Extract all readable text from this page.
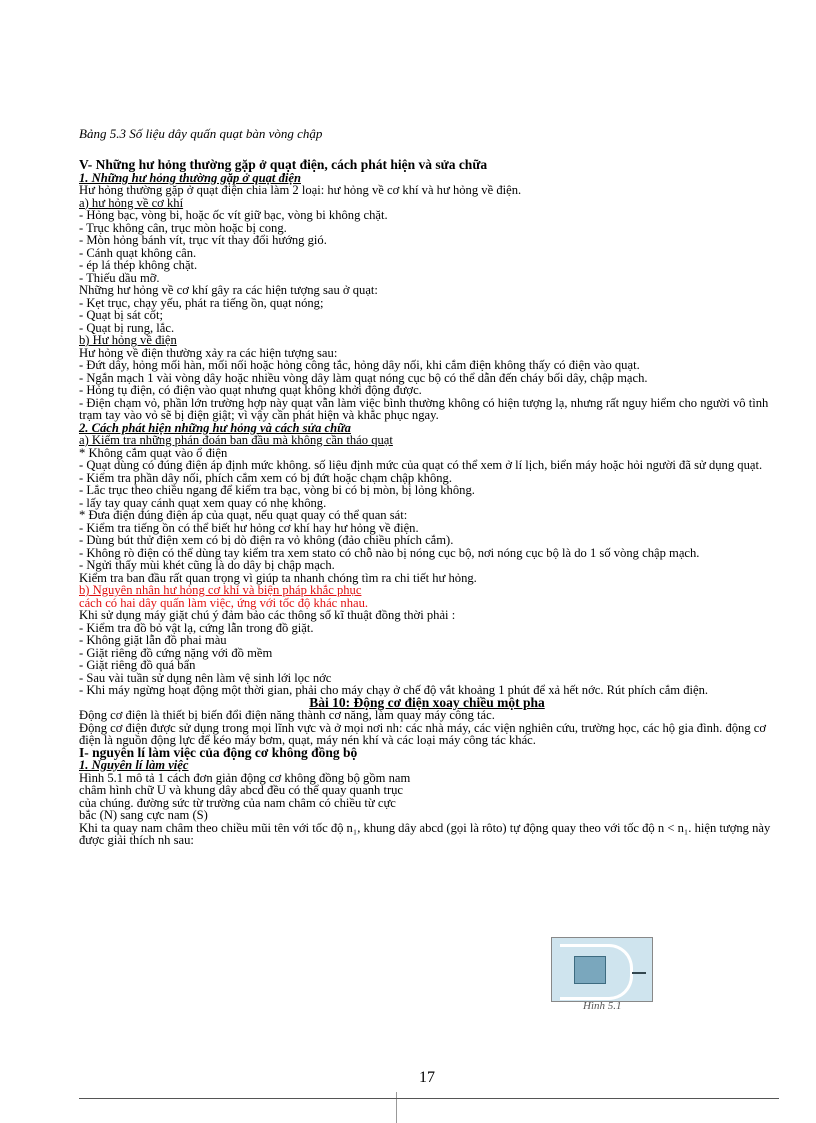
Bảng 5.3 Số liệu dây quấn quạt bàn vòng chập
V- Những hư hỏng thường gặp ở quạt điện, cách phát hiện và sửa chữa
1. Những hư hỏng thường gặp ở quạt điện
Hư hỏng thường gặp ở quạt điện chia làm 2 loại: hư hỏng về cơ khí và hư hỏng về điện.
a) hư hỏng về cơ khí
- Hỏng bạc, vòng bi, hoặc ốc vít giữ bạc, vòng bi không chặt.
- Trục không cân, trục mòn hoặc bị cong.
- Mòn hỏng bánh vít, trục vít thay đổi hướng gió.
- Cánh quạt không cân.
- ép lá thép không chặt.
- Thiếu dầu mỡ.
Những hư hỏng về cơ khí gây ra các hiện tượng sau ở quạt:
- Kẹt trục, chạy yếu, phát ra tiếng ồn, quạt nóng;
- Quạt bị sát cốt;
- Quạt bị rung, lắc.
b) Hư hỏng về điện
Hư hỏng về điện thường xảy ra các hiện tượng sau:
- Đứt dây, hỏng mối hàn, mối nối hoặc hỏng công tắc, hỏng dây nối, khi cắm điện không thấy có điện vào quạt.
- Ngắn mạch 1 vài vòng dây hoặc nhiều vòng dây làm quạt nóng cục bộ có thể dẫn đến cháy bối dây, chập mạch.
- Hỏng tụ điện, có điện vào quạt nhưng quạt không khởi động được.
- Điện chạm vỏ, phần lớn trường hợp này quạt vẫn làm việc bình thường không có hiện tượng lạ, nhưng rất nguy hiểm cho người vô tình trạm tay vào vỏ sẽ bị điện giật; vì vậy cần phát hiện và khắc phục ngay.
2. Cách phát hiện những hư hỏng và cách sửa chữa
a) Kiểm tra những phán đoán ban đầu mà không cần tháo quạt
* Không cắm quạt vào ổ điện
- Quạt dùng có đúng điện áp định mức không. số liệu định mức của quạt có thể xem ở lí lịch, biển máy hoặc hỏi người đã sử dụng quạt.
- Kiểm tra phần dây nối, phích cắm xem có bị đứt hoặc chạm chập không.
- Lắc trục theo chiều ngang để kiểm tra bạc, vòng bi có bị mòn, bị lỏng không.
- lấy tay quay cánh quạt xem quay có nhẹ không.
* Đưa điện đúng điện áp của quạt, nếu quạt quay có thể quan sát:
- Kiểm tra tiếng ồn có thể biết hư hỏng cơ khí hay hư hỏng về điện.
- Dùng bút thử điện xem có bị dò điện ra vỏ không (đảo chiều phích cắm).
- Không rò điện có thể dùng tay kiểm tra xem stato có chỗ nào bị nóng cục bộ, nơi nóng cục bộ là do 1 số vòng chập mạch.
- Ngửi thấy mùi khét cũng là do dây bị chập mạch.
Kiểm tra ban đầu rất quan trọng vì giúp ta nhanh chóng tìm ra chi tiết hư hỏng.
b) Nguyên nhân hư hỏng cơ khí và biện pháp khắc phục
cách có hai dây quấn làm việc, ứng với tốc độ khác nhau.
Khi sử dụng máy giặt chú ý đảm bảo các thông số kĩ thuật đồng thời phải :
- Kiểm tra đồ bỏ vật lạ, cứng lẫn trong đồ giặt.
- Không giặt lẫn đồ phai màu
- Giặt riêng đồ cứng nặng với đồ mềm
- Giặt riêng đồ quá bẩn
- Sau vài tuần sử dụng nên làm vệ sinh lới lọc nớc
- Khi máy ngừng hoạt động một thời gian, phải cho máy chạy ở chế độ vắt khoảng 1 phút để xả hết nớc. Rút phích cắm điện.
Bài 10: Động cơ điện xoay chiều một pha
Động cơ điện là thiết bị biến đổi điện năng thành cơ năng, làm quay máy công tác.
Động cơ điện được sử dụng trong mọi lĩnh vực và ở mọi nơi nh: các nhà máy, các viện nghiên cứu, trường học, các hộ gia đình. động cơ điện là nguồn động lực để kéo máy bơm, quạt, máy nén khí và các loại máy công tác khác.
I- nguyên lí làm việc của động cơ không đồng bộ
1. Nguyên lí làm việc
Hình 5.1 mô tả 1 cách đơn giản động cơ không đồng bộ gồm nam
châm hình chữ U và khung dây abcd đều có thể quay quanh trục
của chúng. đường sức từ trường của nam châm có chiều từ cực
bắc (N) sang cực nam (S)
Khi ta quay nam châm theo chiều mũi tên với tốc độ n₁, khung dây abcd (gọi là rôto) tự động quay theo với tốc độ n < n₁. hiện tượng này được giải thích nh sau:
Hình 5.1
17
